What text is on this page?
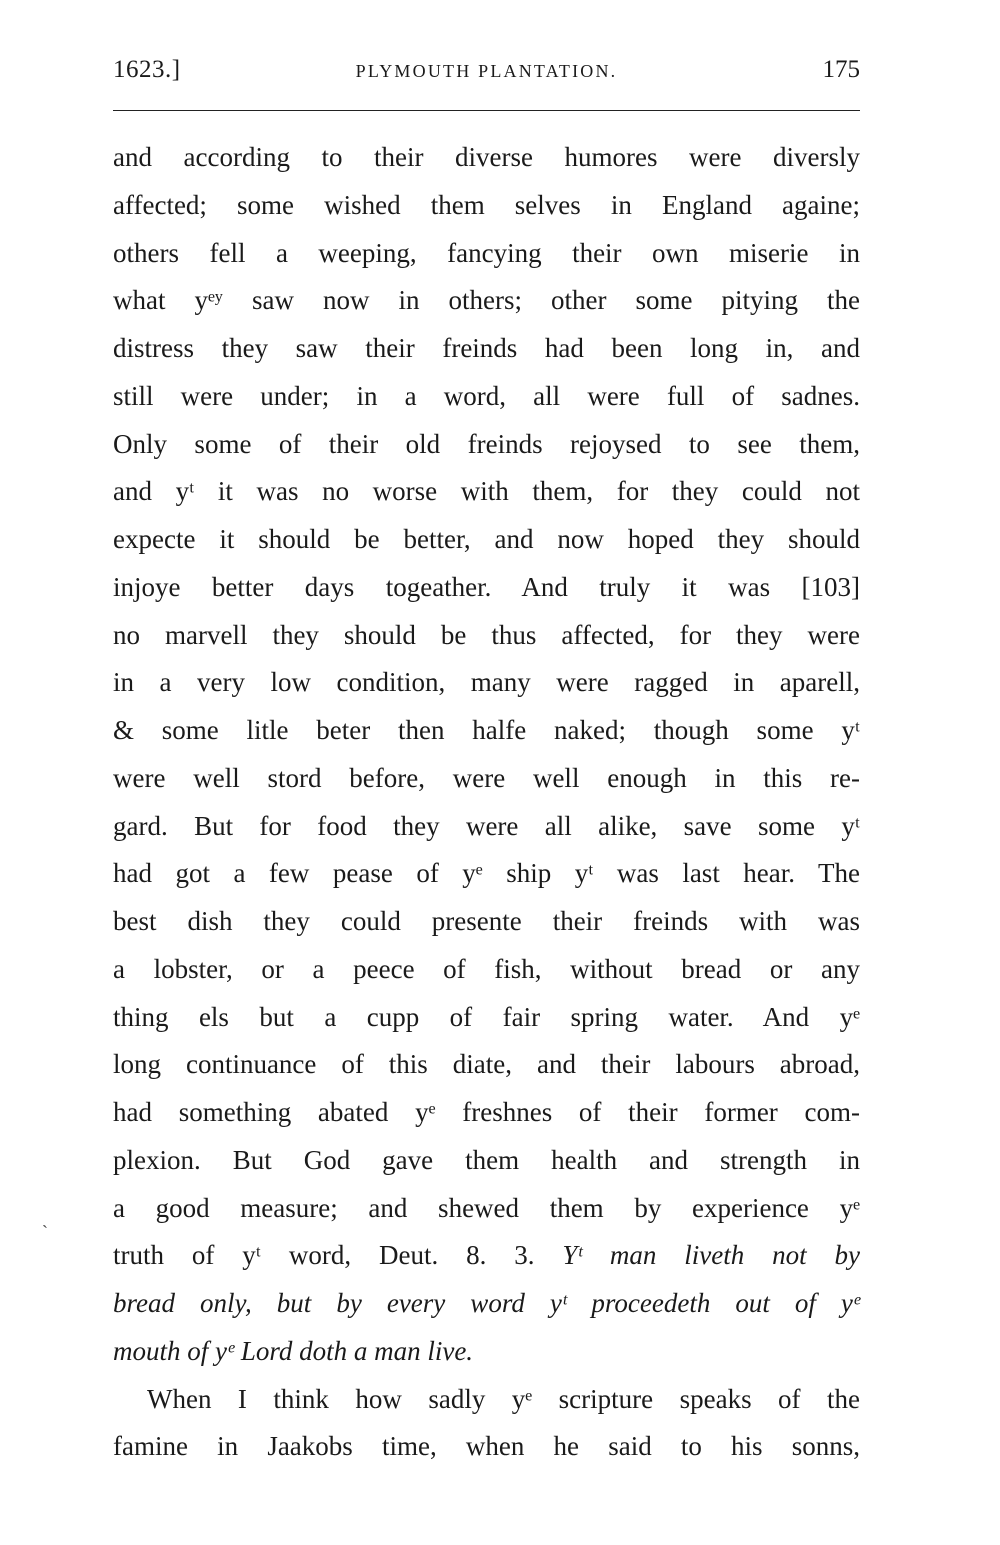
1623.]	PLYMOUTH PLANTATION.	175
ˋ
and according to their diverse humores were diversly
affected; some wished them selves in England againe;
others fell a weeping, fancying their own miserie in
what yᵉʸ saw now in others; other some pitying the
distress they saw their freinds had been long in, and
still were under; in a word, all were full of sadnes.
Only some of their old freinds rejoysed to see them,
and yᵗ it was no worse with them, for they could not
expecte it should be better, and now hoped they should
injoye better days togeather. And truly it was [103]
no marvell they should be thus affected, for they were
in a very low condition, many were ragged in aparell,
& some litle beter then halfe naked; though some yᵗ
were well stord before, were well enough in this re-
gard. But for food they were all alike, save some yᵗ
had got a few pease of yᵉ ship yᵗ was last hear. The
best dish they could presente their freinds with was
a lobster, or a peece of fish, without bread or any
thing els but a cupp of fair spring water. And yᵉ
long continuance of this diate, and their labours abroad,
had something abated yᵉ freshnes of their former com-
plexion. But God gave them health and strength in
a good measure; and shewed them by experience yᵉ
truth of yᵗ word, Deut. 8. 3. Yᵗ man liveth not by
bread only, but by every word yᵗ proceedeth out of yᵉ
mouth of yᵉ Lord doth a man live.
When I think how sadly yᵉ scripture speaks of the
famine in Jaakobs time, when he said to his sonns,
